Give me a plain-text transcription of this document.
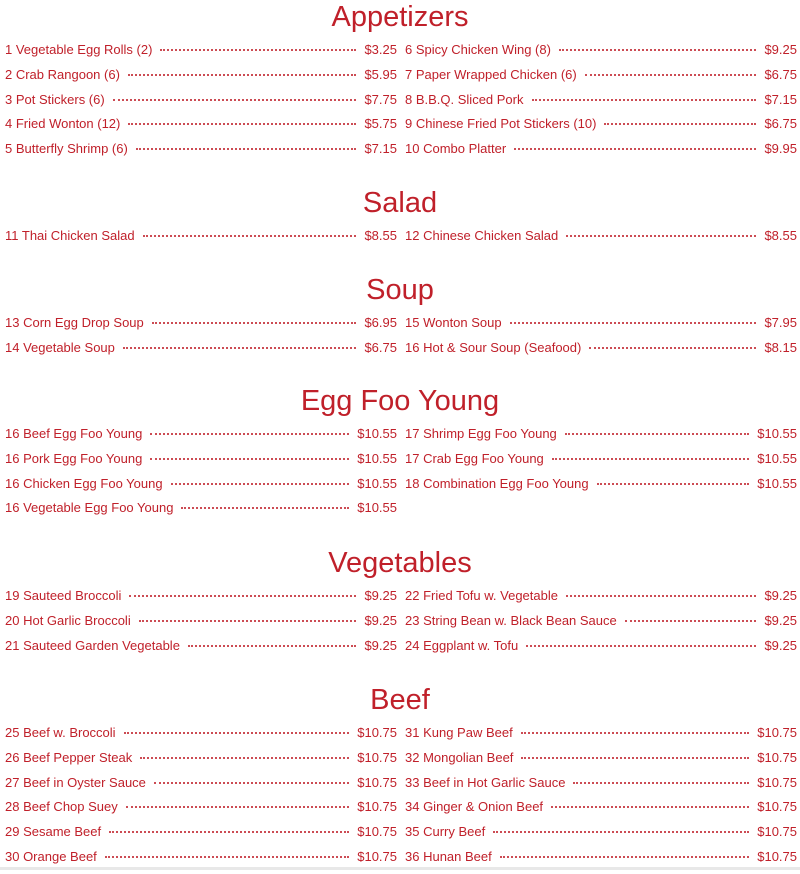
Appetizers
1 Vegetable Egg Rolls (2)	$3.25
2 Crab Rangoon (6)	$5.95
3 Pot Stickers (6)	$7.75
4 Fried Wonton (12)	$5.75
5 Butterfly Shrimp (6)	$7.15
6 Spicy Chicken Wing (8)	$9.25
7 Paper Wrapped Chicken (6)	$6.75
8 B.B.Q. Sliced Pork	$7.15
9 Chinese Fried Pot Stickers (10)	$6.75
10 Combo Platter	$9.95
Salad
11 Thai Chicken Salad	$8.55 12 Chinese Chicken Salad	$8.55
Soup
13 Corn Egg Drop Soup	$6.95
14 Vegetable Soup	$6.75
15 Wonton Soup	$7.95
16 Hot & Sour Soup (Seafood)	$8.15
Egg Foo Young
16 Beef Egg Foo Young	$10.55
16 Pork Egg Foo Young	$10.55
16 Chicken Egg Foo Young	$10.55
16 Vegetable Egg Foo Young	$10.55
17 Shrimp Egg Foo Young	$10.55
17 Crab Egg Foo Young	$10.55
18 Combination Egg Foo Young	$10.55
Vegetables
19 Sauteed Broccoli	$9.25
20 Hot Garlic Broccoli	$9.25
21 Sauteed Garden Vegetable	$9.25
22 Fried Tofu w. Vegetable	$9.25
23 String Bean w. Black Bean Sauce	$9.25
24 Eggplant w. Tofu	$9.25
Beef
25 Beef w. Broccoli	$10.75
26 Beef Pepper Steak	$10.75
27 Beef in Oyster Sauce	$10.75
28 Beef Chop Suey	$10.75
29 Sesame Beef	$10.75
30 Orange Beef	$10.75
31 Kung Paw Beef	$10.75
32 Mongolian Beef	$10.75
33 Beef in Hot Garlic Sauce	$10.75
34 Ginger & Onion Beef	$10.75
35 Curry Beef	$10.75
36 Hunan Beef	$10.75
